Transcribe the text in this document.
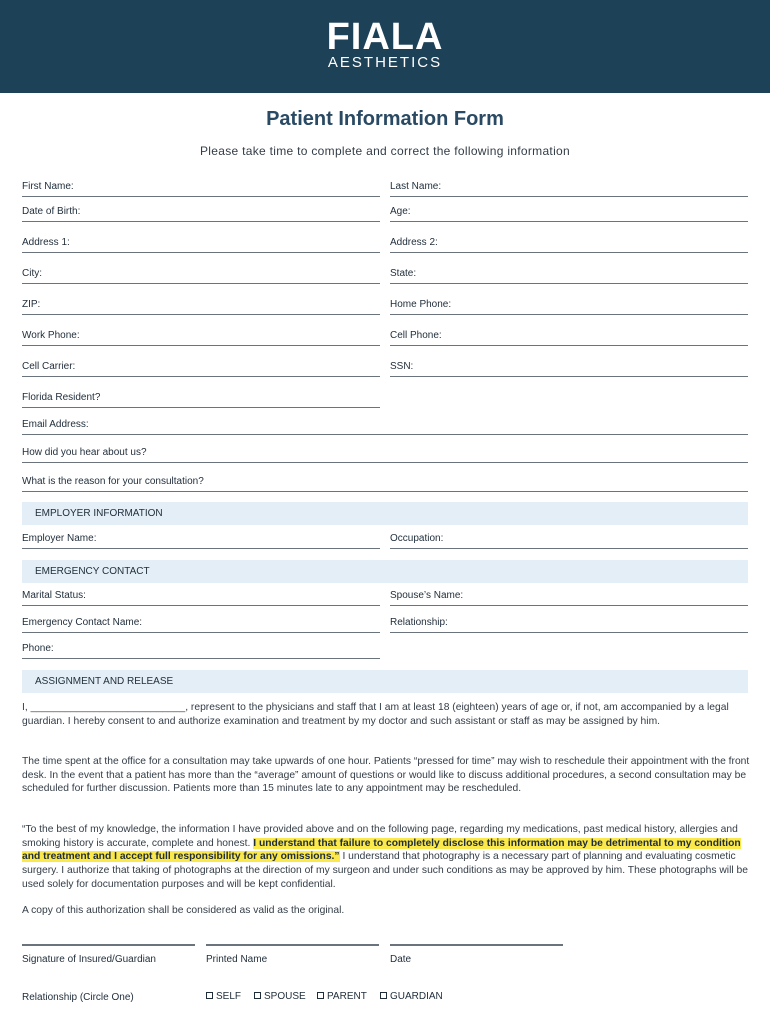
FIALA
AESTHETICS
Patient Information Form
Please take time to complete and correct the following information
First Name:	Last Name:
Date of Birth:	Age:
Address 1:	Address 2:
City:	State:
ZIP:	Home Phone:
Work Phone:	Cell Phone:
Cell Carrier:	SSN:
Florida Resident?
Email Address:
How did you hear about us?
What is the reason for your consultation?
EMPLOYER INFORMATION
Employer Name:	Occupation:
EMERGENCY CONTACT
Marital Status:	Spouse’s Name:
Emergency Contact Name:	Relationship:
Phone:
ASSIGNMENT AND RELEASE
I, ___________________________, represent to the physicians and staff that I am at least 18 (eighteen) years of age or, if not, am accompanied by a legal guardian. I hereby consent to and authorize examination and treatment by my doctor and such assistant or staff as may be assigned by him.
The time spent at the office for a consultation may take upwards of one hour. Patients “pressed for time” may wish to reschedule their appointment with the front desk. In the event that a patient has more than the “average” amount of questions or would like to discuss additional procedures, a second consultation may be scheduled for further discussion. Patients more than 15 minutes late to any appointment may be rescheduled.
“To the best of my knowledge, the information I have provided above and on the following page, regarding my medications, past medical history, allergies and smoking history is accurate, complete and honest. I understand that failure to completely disclose this information may be detrimental to my condition and treatment and I accept full responsibility for any omissions.” I understand that photography is a necessary part of planning and evaluating cosmetic surgery. I authorize that taking of photographs at the direction of my surgeon and under such conditions as may be approved by him. These photographs will be used solely for documentation purposes and will be kept confidential.
A copy of this authorization shall be considered as valid as the original.
Signature of Insured/Guardian	Printed Name	Date
Relationship (Circle One)	SELF	SPOUSE	PARENT	GUARDIAN
